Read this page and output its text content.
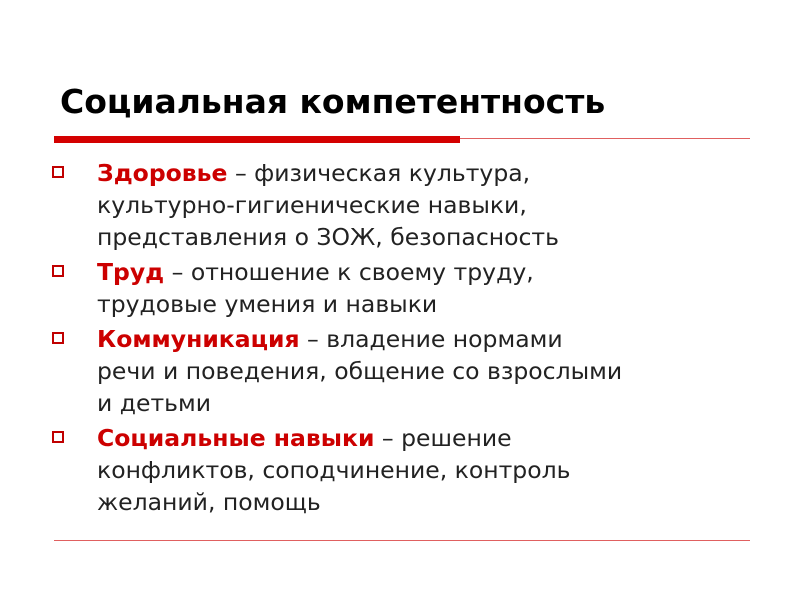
Социальная компетентность
Здоровье – физическая культура,
культурно-гигиенические навыки,
представления о ЗОЖ, безопасность
Труд – отношение к своему труду,
трудовые умения и навыки
Коммуникация – владение нормами
речи и поведения, общение со взрослыми
и детьми
Социальные навыки – решение
конфликтов, соподчинение, контроль
желаний, помощь
